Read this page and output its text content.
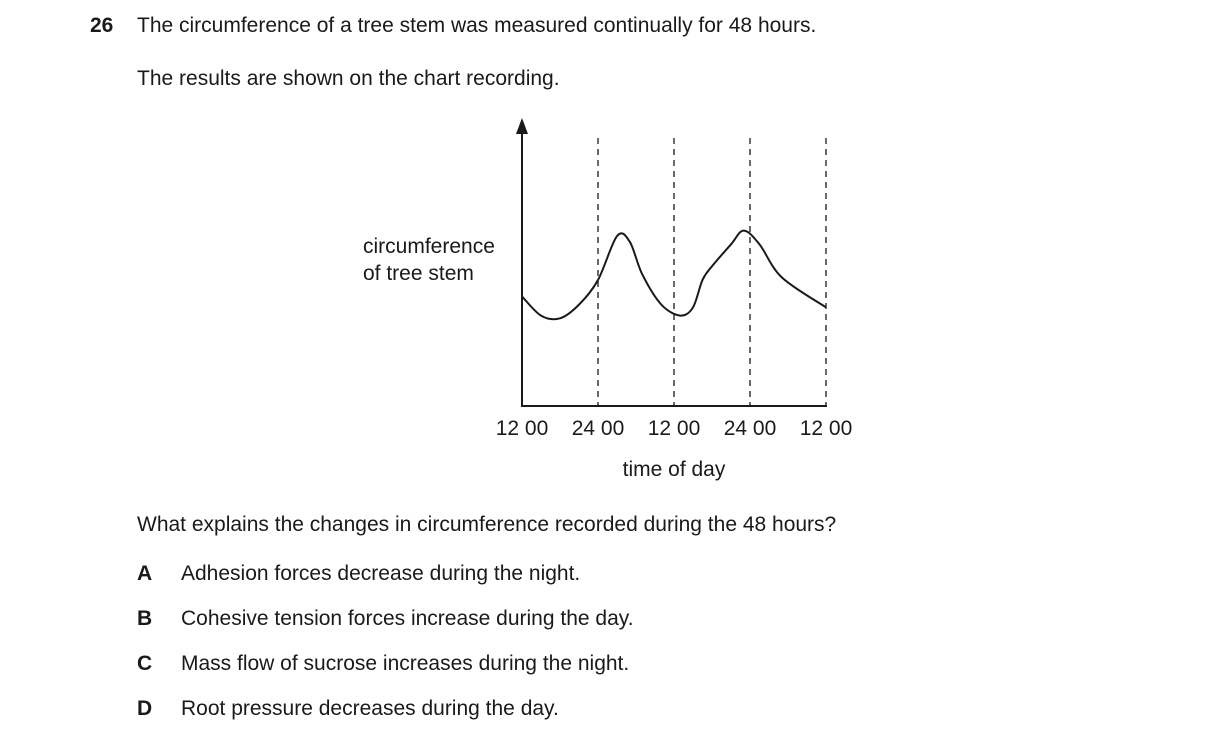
26 The circumference of a tree stem was measured continually for 48 hours.
The results are shown on the chart recording.
12 00 24 00 12 00 24 00 12 00
circumference
of tree stem
time of day
What explains the changes in circumference recorded during the 48 hours?
A Adhesion forces decrease during the night.
B Cohesive tension forces increase during the day.
C Mass flow of sucrose increases during the night.
D Root pressure decreases during the day.
